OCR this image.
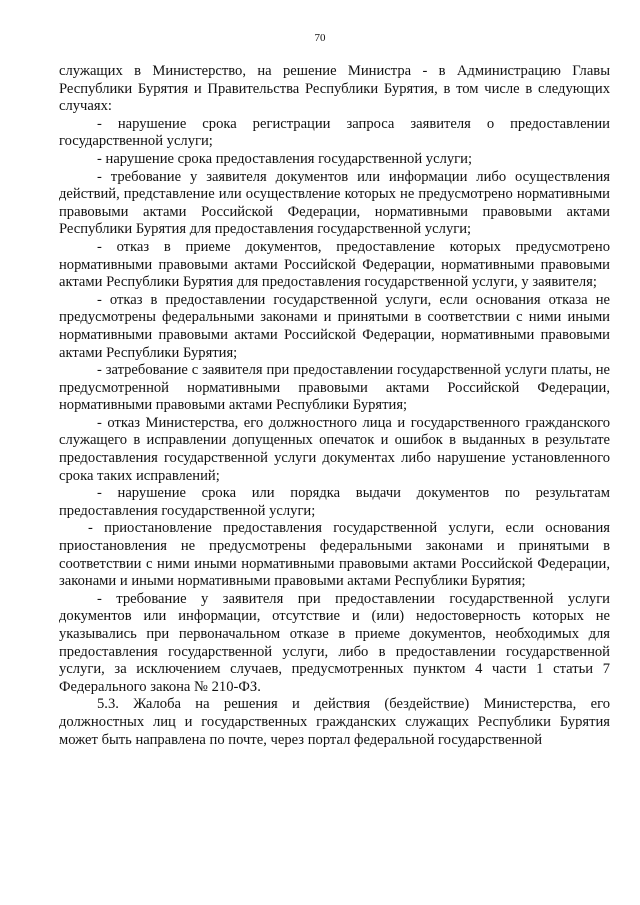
70

служащих в Министерство, на решение Министра - в Администрацию Главы Республики Бурятия и Правительства Республики Бурятия, в том числе в следующих случаях:

- нарушение срока регистрации запроса заявителя о предоставлении государственной услуги;

- нарушение срока предоставления государственной услуги;

- требование у заявителя документов или информации либо осуществления действий, представление или осуществление которых не предусмотрено нормативными правовыми актами Российской Федерации, нормативными правовыми актами Республики Бурятия для предоставления государственной услуги;

- отказ в приеме документов, предоставление которых предусмотрено нормативными правовыми актами Российской Федерации, нормативными правовыми актами Республики Бурятия для предоставления государственной услуги, у заявителя;

- отказ в предоставлении государственной услуги, если основания отказа не предусмотрены федеральными законами и принятыми в соответствии с ними иными нормативными правовыми актами Российской Федерации, нормативными правовыми актами Республики Бурятия;

- затребование с заявителя при предоставлении государственной услуги платы, не предусмотренной нормативными правовыми актами Российской Федерации, нормативными правовыми актами Республики Бурятия;

- отказ Министерства, его должностного лица и государственного гражданского служащего в исправлении допущенных опечаток и ошибок в выданных в результате предоставления государственной услуги документах либо нарушение установленного срока таких исправлений;

- нарушение срока или порядка выдачи документов по результатам предоставления государственной услуги;

- приостановление предоставления государственной услуги, если основания приостановления не предусмотрены федеральными законами и принятыми в соответствии с ними иными нормативными правовыми актами Российской Федерации, законами и иными нормативными правовыми актами Республики Бурятия;

- требование у заявителя при предоставлении государственной услуги документов или информации, отсутствие и (или) недостоверность которых не указывались при первоначальном отказе в приеме документов, необходимых для предоставления государственной услуги, либо в предоставлении государственной услуги, за исключением случаев, предусмотренных пунктом 4 части 1 статьи 7 Федерального закона № 210-ФЗ.

5.3. Жалоба на решения и действия (бездействие) Министерства, его должностных лиц и государственных гражданских служащих Республики Бурятия может быть направлена по почте, через портал федеральной государственной
